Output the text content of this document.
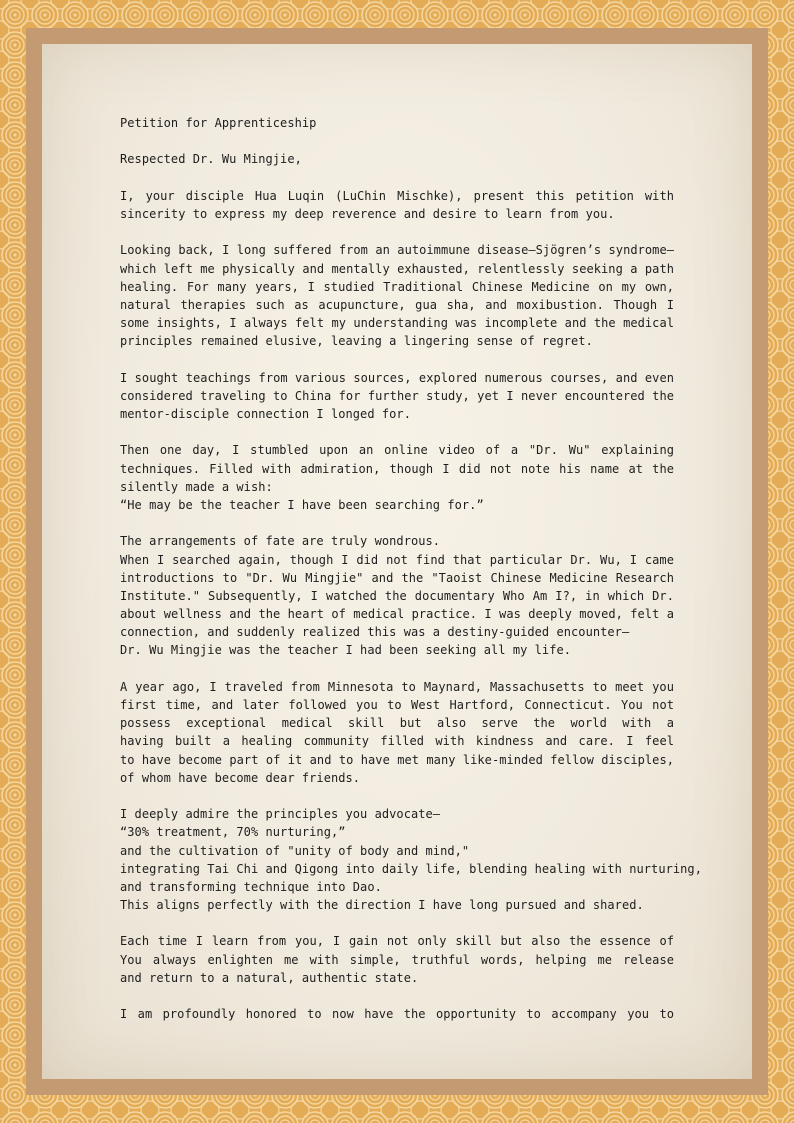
Petition for Apprenticeship
Respected Dr. Wu Mingjie,
I, your disciple Hua Luqin (LuChin Mischke), present this petition with
sincerity to express my deep reverence and desire to learn from you.
Looking back, I long suffered from an autoimmune disease—Sjögren’s syndrome—
which left me physically and mentally exhausted, relentlessly seeking a path
healing. For many years, I studied Traditional Chinese Medicine on my own,
natural therapies such as acupuncture, gua sha, and moxibustion. Though I
some insights, I always felt my understanding was incomplete and the medical
principles remained elusive, leaving a lingering sense of regret.
I sought teachings from various sources, explored numerous courses, and even
considered traveling to China for further study, yet I never encountered the
mentor-disciple connection I longed for.
Then one day, I stumbled upon an online video of a "Dr. Wu" explaining
techniques. Filled with admiration, though I did not note his name at the
silently made a wish:
“He may be the teacher I have been searching for.”
The arrangements of fate are truly wondrous.
When I searched again, though I did not find that particular Dr. Wu, I came
introductions to "Dr. Wu Mingjie" and the "Taoist Chinese Medicine Research
Institute." Subsequently, I watched the documentary Who Am I?, in which Dr.
about wellness and the heart of medical practice. I was deeply moved, felt a
connection, and suddenly realized this was a destiny-guided encounter—
Dr. Wu Mingjie was the teacher I had been seeking all my life.
A year ago, I traveled from Minnesota to Maynard, Massachusetts to meet you
first time, and later followed you to West Hartford, Connecticut. You not
possess exceptional medical skill but also serve the world with a
having built a healing community filled with kindness and care. I feel
to have become part of it and to have met many like-minded fellow disciples,
of whom have become dear friends.
I deeply admire the principles you advocate—
“30% treatment, 70% nurturing,”
and the cultivation of "unity of body and mind,"
integrating Tai Chi and Qigong into daily life, blending healing with nurturing,
and transforming technique into Dao.
This aligns perfectly with the direction I have long pursued and shared.
Each time I learn from you, I gain not only skill but also the essence of
You always enlighten me with simple, truthful words, helping me release
and return to a natural, authentic state.
I am profoundly honored to now have the opportunity to accompany you to
